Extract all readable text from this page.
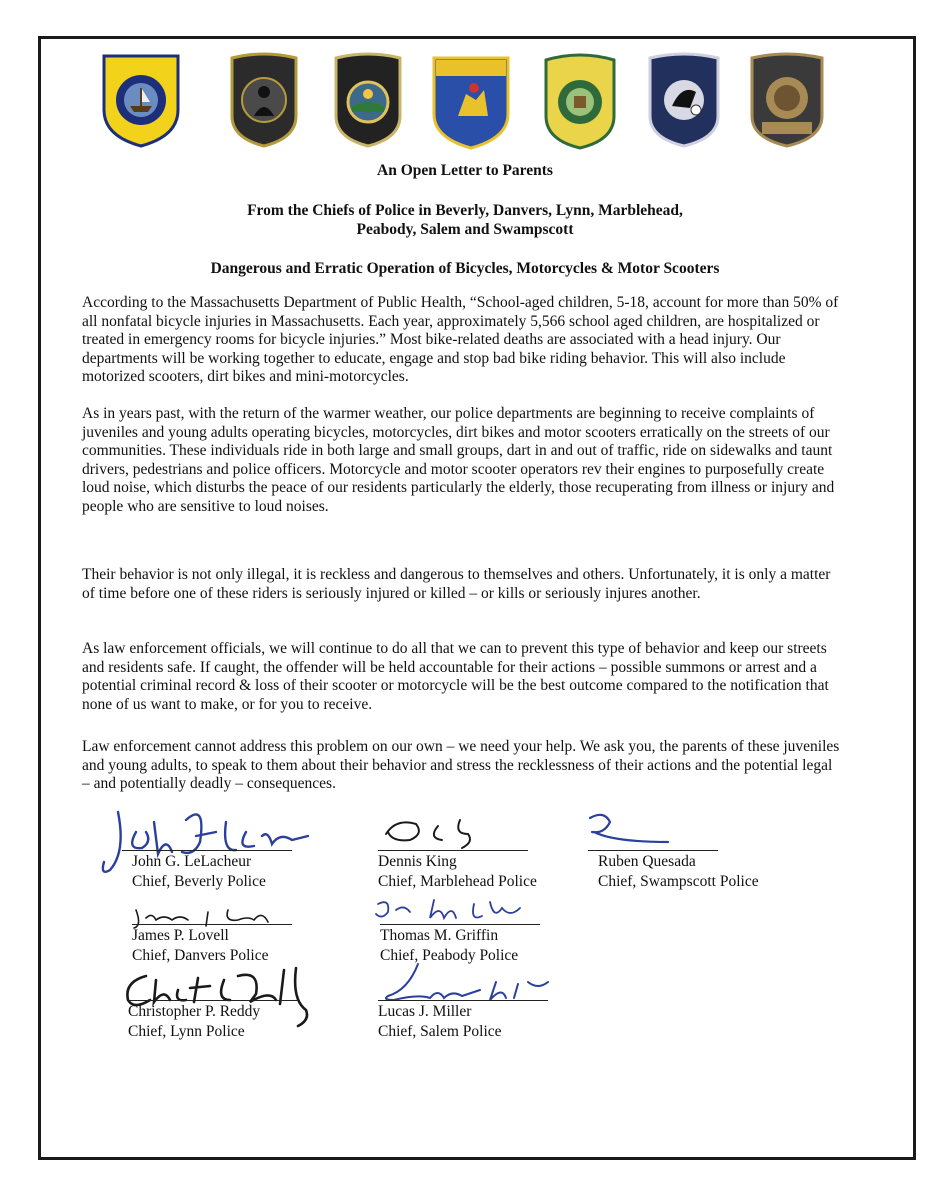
An Open Letter to Parents
From the Chiefs of Police in Beverly, Danvers, Lynn, Marblehead,
Peabody, Salem and Swampscott
Dangerous and Erratic Operation of Bicycles, Motorcycles & Motor Scooters

According to the Massachusetts Department of Public Health, “School-aged children, 5-18, account for more than 50% of all nonfatal bicycle injuries in Massachusetts. Each year, approximately 5,566 school aged children, are hospitalized or treated in emergency rooms for bicycle injuries.” Most bike-related deaths are associated with a head injury. Our departments will be working together to educate, engage and stop bad bike riding behavior. This will also include motorized scooters, dirt bikes and mini-motorcycles.

As in years past, with the return of the warmer weather, our police departments are beginning to receive complaints of juveniles and young adults operating bicycles, motorcycles, dirt bikes and motor scooters erratically on the streets of our communities. These individuals ride in both large and small groups, dart in and out of traffic, ride on sidewalks and taunt drivers, pedestrians and police officers. Motorcycle and motor scooter operators rev their engines to purposefully create loud noise, which disturbs the peace of our residents particularly the elderly, those recuperating from illness or injury and people who are sensitive to loud noises.

Their behavior is not only illegal, it is reckless and dangerous to themselves and others. Unfortunately, it is only a matter of time before one of these riders is seriously injured or killed – or kills or seriously injures another.

As law enforcement officials, we will continue to do all that we can to prevent this type of behavior and keep our streets and residents safe. If caught, the offender will be held accountable for their actions – possible summons or arrest and a potential criminal record & loss of their scooter or motorcycle will be the best outcome compared to the notification that none of us want to make, or for you to receive.

Law enforcement cannot address this problem on our own – we need your help. We ask you, the parents of these juveniles and young adults, to speak to them about their behavior and stress the recklessness of their actions and the potential legal – and potentially deadly – consequences.

John G. LeLacheur
Chief, Beverly Police
Dennis King
Chief, Marblehead Police
Ruben Quesada
Chief, Swampscott Police
James P. Lovell
Chief, Danvers Police
Thomas M. Griffin
Chief, Peabody Police
Christopher P. Reddy
Chief, Lynn Police
Lucas J. Miller
Chief, Salem Police
